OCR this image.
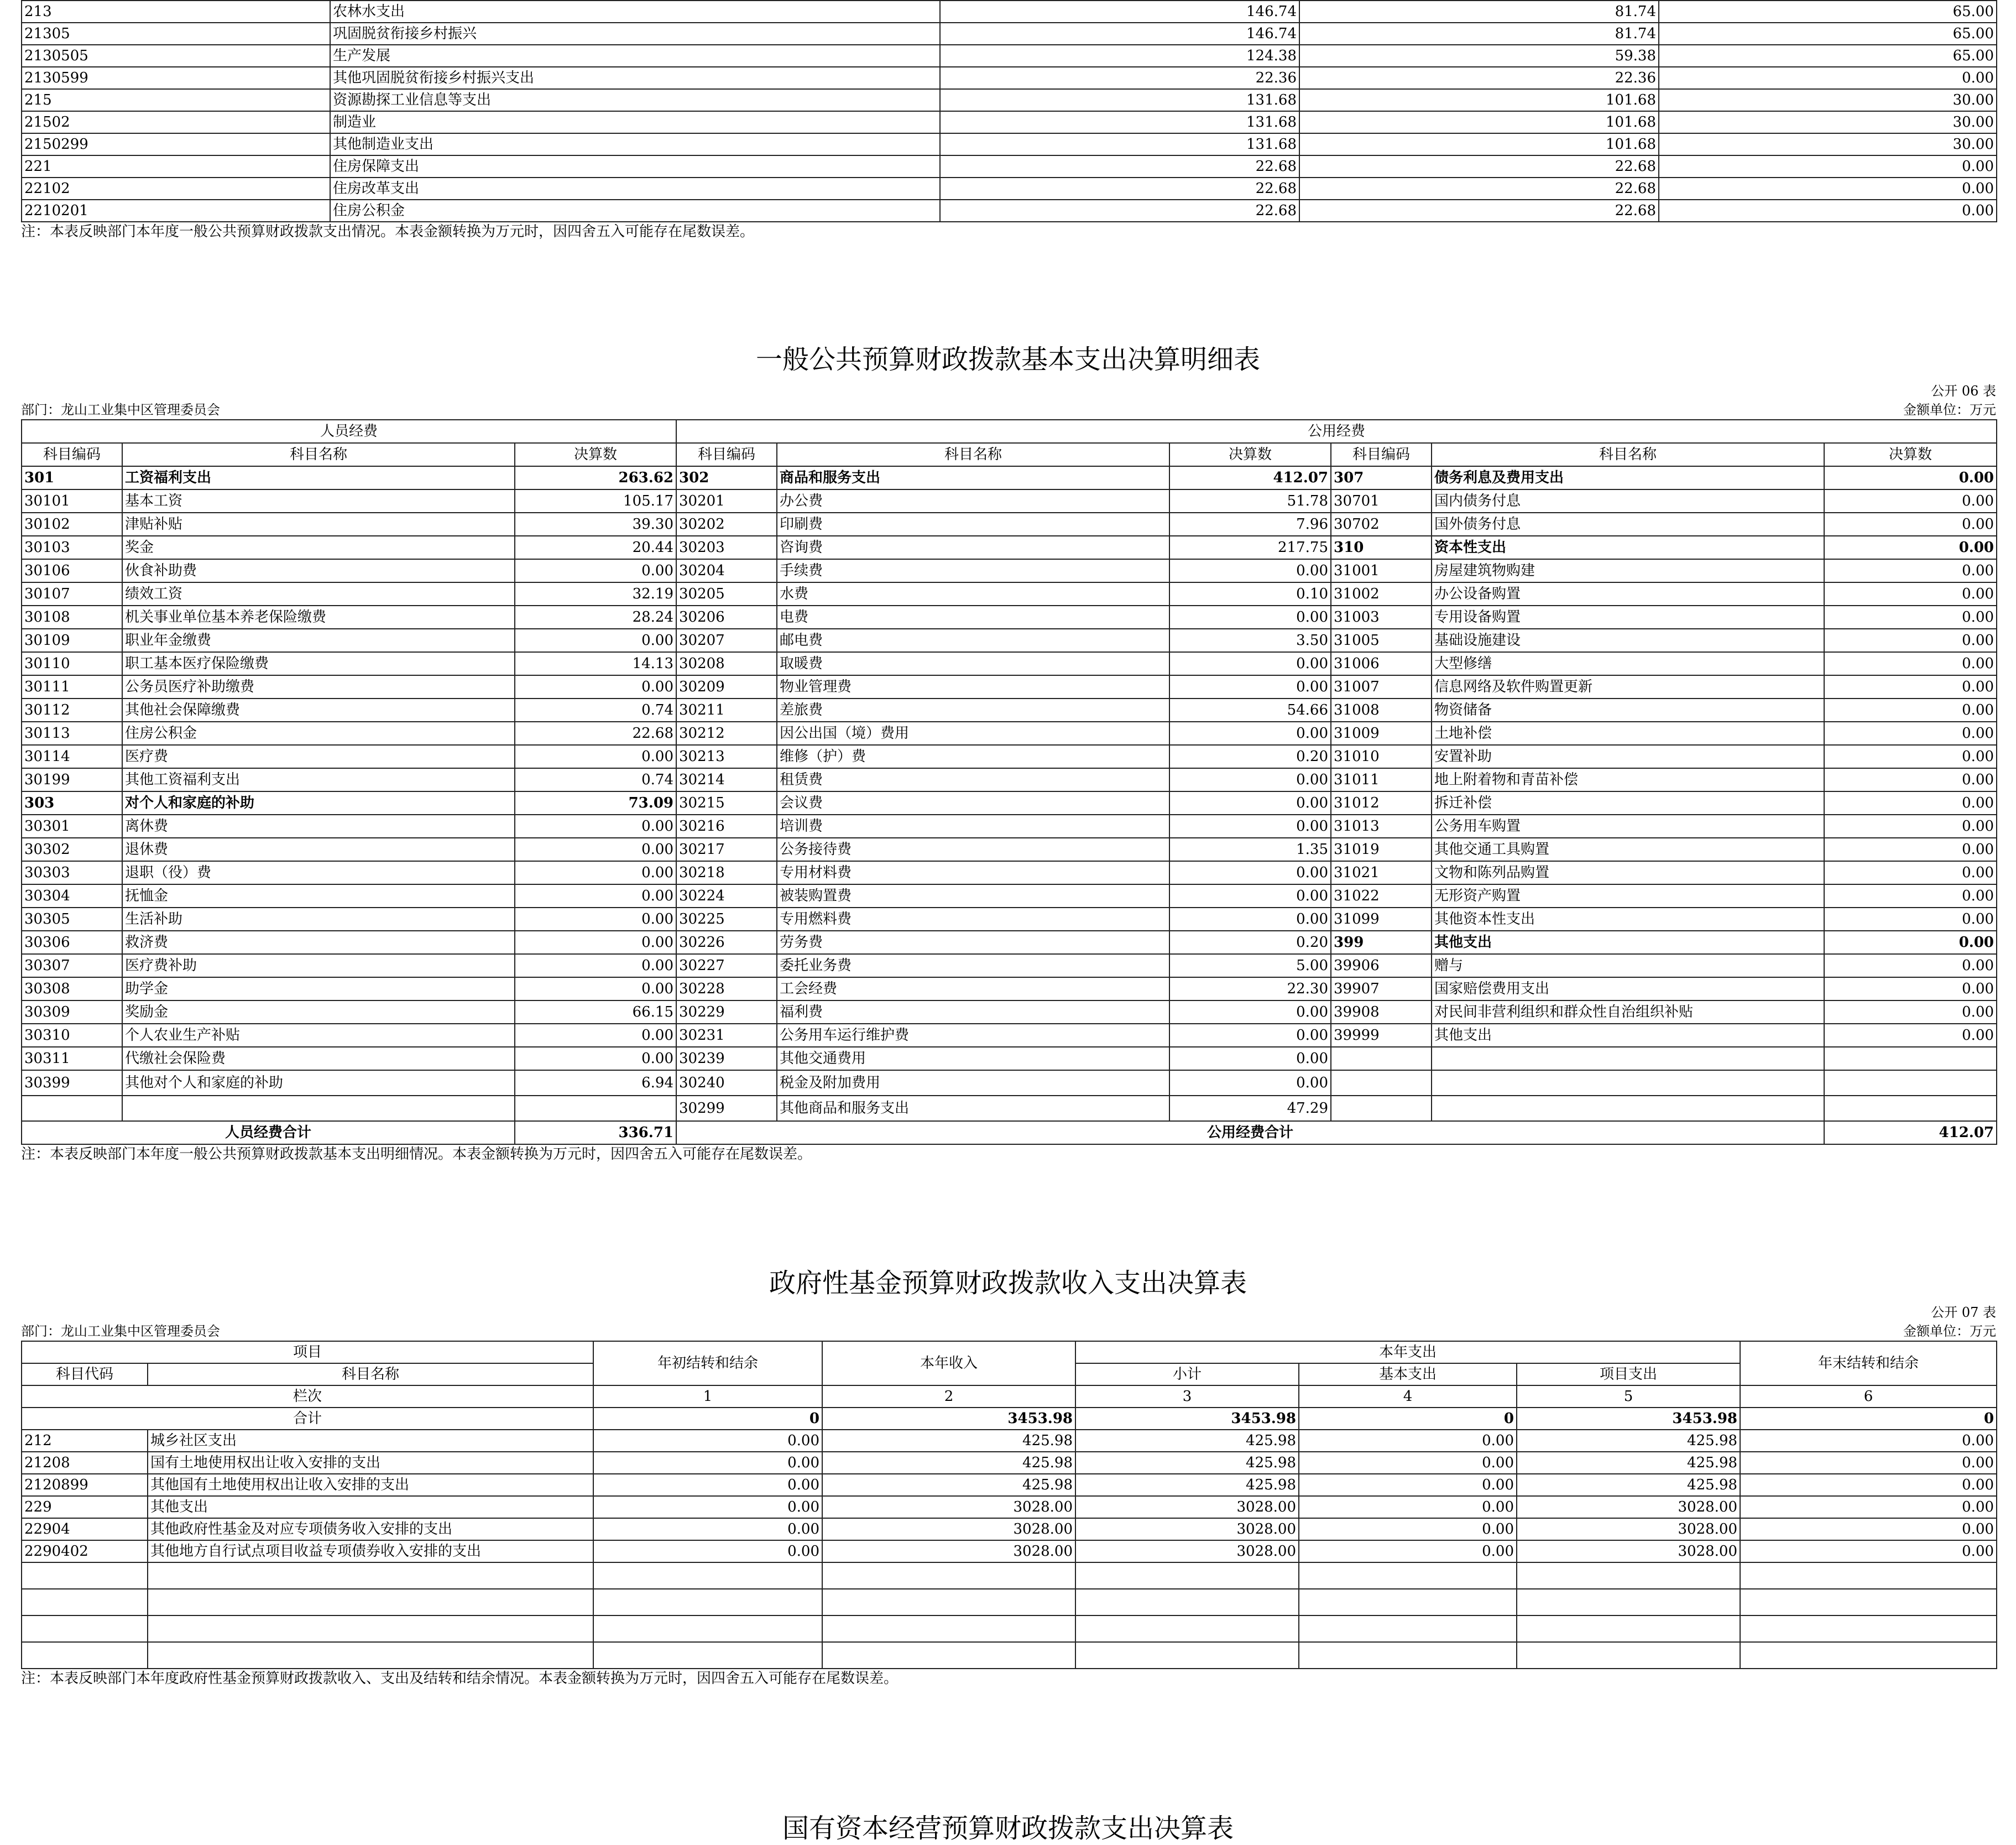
213	农林水支出	146.74	81.74	65.00
21305	巩固脱贫衔接乡村振兴	146.74	81.74	65.00
2130505	生产发展	124.38	59.38	65.00
2130599	其他巩固脱贫衔接乡村振兴支出	22.36	22.36	0.00
215	资源勘探工业信息等支出	131.68	101.68	30.00
21502	制造业	131.68	101.68	30.00
2150299	其他制造业支出	131.68	101.68	30.00
221	住房保障支出	22.68	22.68	0.00
22102	住房改革支出	22.68	22.68	0.00
2210201	住房公积金	22.68	22.68	0.00
注：本表反映部门本年度一般公共预算财政拨款支出情况。本表金额转换为万元时，因四舍五入可能存在尾数误差。
一般公共预算财政拨款基本支出决算明细表
公开 06 表
部门：龙山工业集中区管理委员会	金额单位：万元
人员经费			公用经费					
科目编码	科目名称	决算数	科目编码	科目名称	决算数	科目编码	科目名称	决算数
301	工资福利支出	263.62	302	商品和服务支出	412.07	307	债务利息及费用支出	0.00
30101	基本工资	105.17	30201	办公费	51.78	30701	国内债务付息	0.00
30102	津贴补贴	39.30	30202	印刷费	7.96	30702	国外债务付息	0.00
30103	奖金	20.44	30203	咨询费	217.75	310	资本性支出	0.00
30106	伙食补助费	0.00	30204	手续费	0.00	31001	房屋建筑物购建	0.00
30107	绩效工资	32.19	30205	水费	0.10	31002	办公设备购置	0.00
30108	机关事业单位基本养老保险缴费	28.24	30206	电费	0.00	31003	专用设备购置	0.00
30109	职业年金缴费	0.00	30207	邮电费	3.50	31005	基础设施建设	0.00
30110	职工基本医疗保险缴费	14.13	30208	取暖费	0.00	31006	大型修缮	0.00
30111	公务员医疗补助缴费	0.00	30209	物业管理费	0.00	31007	信息网络及软件购置更新	0.00
30112	其他社会保障缴费	0.74	30211	差旅费	54.66	31008	物资储备	0.00
30113	住房公积金	22.68	30212	因公出国（境）费用	0.00	31009	土地补偿	0.00
30114	医疗费	0.00	30213	维修（护）费	0.20	31010	安置补助	0.00
30199	其他工资福利支出	0.74	30214	租赁费	0.00	31011	地上附着物和青苗补偿	0.00
303	对个人和家庭的补助	73.09	30215	会议费	0.00	31012	拆迁补偿	0.00
30301	离休费	0.00	30216	培训费	0.00	31013	公务用车购置	0.00
30302	退休费	0.00	30217	公务接待费	1.35	31019	其他交通工具购置	0.00
30303	退职（役）费	0.00	30218	专用材料费	0.00	31021	文物和陈列品购置	0.00
30304	抚恤金	0.00	30224	被装购置费	0.00	31022	无形资产购置	0.00
30305	生活补助	0.00	30225	专用燃料费	0.00	31099	其他资本性支出	0.00
30306	救济费	0.00	30226	劳务费	0.20	399	其他支出	0.00
30307	医疗费补助	0.00	30227	委托业务费	5.00	39906	赠与	0.00
30308	助学金	0.00	30228	工会经费	22.30	39907	国家赔偿费用支出	0.00
30309	奖励金	66.15	30229	福利费	0.00	39908	对民间非营利组织和群众性自治组织补贴	0.00
30310	个人农业生产补贴	0.00	30231	公务用车运行维护费	0.00	39999	其他支出	0.00
30311	代缴社会保险费	0.00	30239	其他交通费用	0.00			
30399	其他对个人和家庭的补助	6.94	30240	税金及附加费用	0.00			
			30299	其他商品和服务支出	47.29			
人员经费合计		336.71	公用经费合计					412.07
注：本表反映部门本年度一般公共预算财政拨款基本支出明细情况。本表金额转换为万元时，因四舍五入可能存在尾数误差。
政府性基金预算财政拨款收入支出决算表
公开 07 表
部门：龙山工业集中区管理委员会	金额单位：万元
项目		年初结转和结余	本年收入	本年支出			年末结转和结余
科目代码	科目名称			小计	基本支出	项目支出	
栏次		1	2	3	4	5	6
合计		0	3453.98	3453.98	0	3453.98	0
212	城乡社区支出	0.00	425.98	425.98	0.00	425.98	0.00
21208	国有土地使用权出让收入安排的支出	0.00	425.98	425.98	0.00	425.98	0.00
2120899	其他国有土地使用权出让收入安排的支出	0.00	425.98	425.98	0.00	425.98	0.00
229	其他支出	0.00	3028.00	3028.00	0.00	3028.00	0.00
22904	其他政府性基金及对应专项债务收入安排的支出	0.00	3028.00	3028.00	0.00	3028.00	0.00
2290402	其他地方自行试点项目收益专项债券收入安排的支出	0.00	3028.00	3028.00	0.00	3028.00	0.00

注：本表反映部门本年度政府性基金预算财政拨款收入、支出及结转和结余情况。本表金额转换为万元时，因四舍五入可能存在尾数误差。
国有资本经营预算财政拨款支出决算表
